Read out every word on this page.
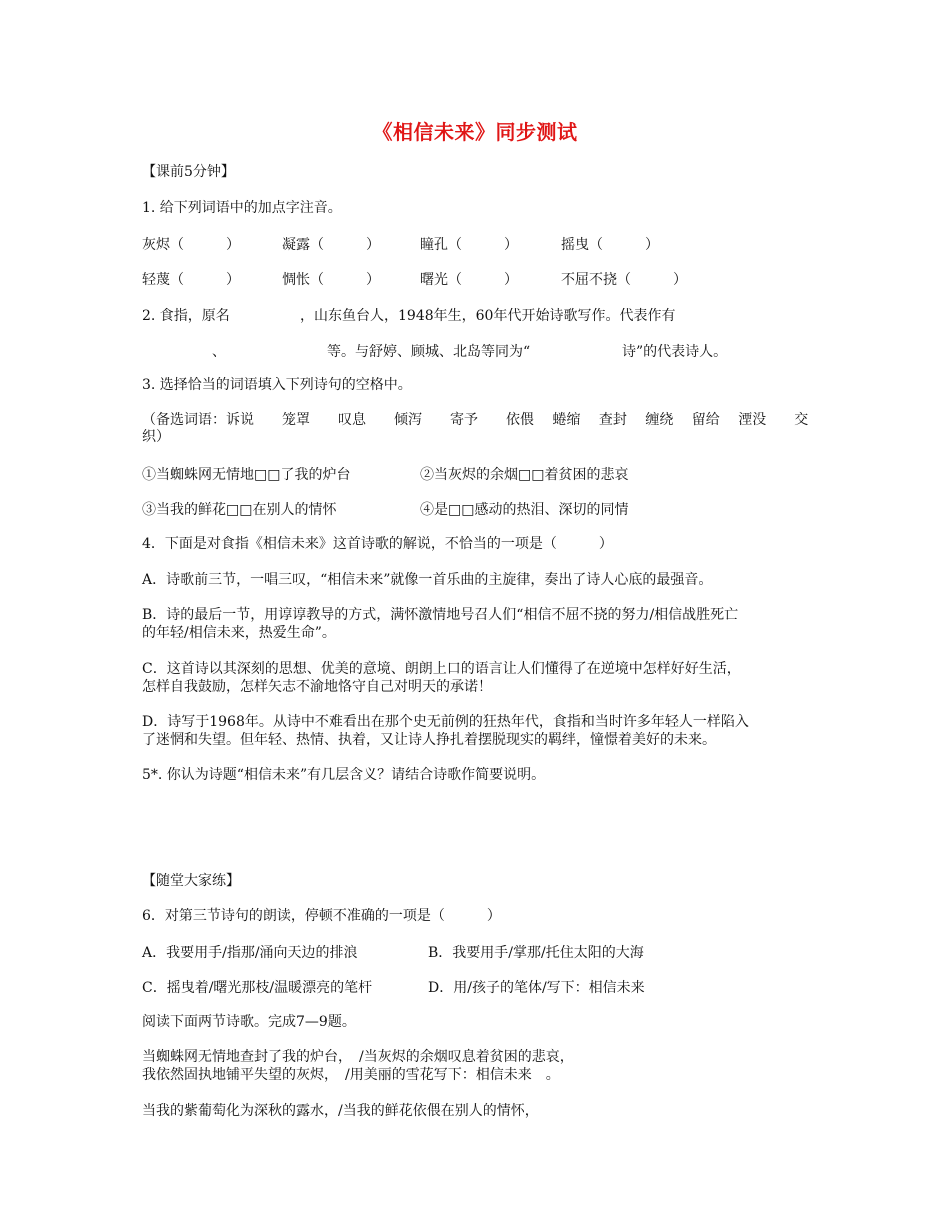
《相信未来》同步测试
【课前5分钟】
1. 给下列词语中的加点字注音。
灰烬（　　　）	凝露（　　　）	瞳孔（　　　）	摇曳（　　　）
轻蔑（　　　）	惆怅（　　　）	曙光（　　　）	不屈不挠（　　　）
2. 食指，原名	，山东鱼台人，1948年生，60年代开始诗歌写作。代表作有
、	等。与舒婷、顾城、北岛等同为“	诗”的代表诗人。
3. 选择恰当的词语填入下列诗句的空格中。
（备选词语：诉说　　笼罩　　叹息　　倾泻　　寄予　　依偎　 蜷缩　 查封　 缠绕　 留给　 湮没　　交
织）
①当蜘蛛网无情地□□了我的炉台	②当灰烬的余烟□□着贫困的悲哀
③当我的鲜花□□在别人的情怀	④是□□感动的热泪、深切的同情
4．下面是对食指《相信未来》这首诗歌的解说，不恰当的一项是（　　　）
A．诗歌前三节，一唱三叹，“相信未来”就像一首乐曲的主旋律，奏出了诗人心底的最强音。
B．诗的最后一节，用谆谆教导的方式，满怀激情地号召人们“相信不屈不挠的努力/相信战胜死亡
的年轻/相信未来，热爱生命”。
C．这首诗以其深刻的思想、优美的意境、朗朗上口的语言让人们懂得了在逆境中怎样好好生活，
怎样自我鼓励，怎样矢志不渝地恪守自己对明天的承诺！
D．诗写于1968年。从诗中不难看出在那个史无前例的狂热年代，食指和当时许多年轻人一样陷入
了迷惘和失望。但年轻、热情、执着，又让诗人挣扎着摆脱现实的羁绊，憧憬着美好的未来。
5*. 你认为诗题“相信未来”有几层含义？请结合诗歌作简要说明。
【随堂大家练】
6．对第三节诗句的朗读，停顿不准确的一项是（　　　）
A．我要用手/指那/涌向天边的排浪	B．我要用手/掌那/托住太阳的大海
C．摇曳着/曙光那枝/温暖漂亮的笔杆	D．用/孩子的笔体/写下：相信未来
阅读下面两节诗歌。完成7—9题。
当蜘蛛网无情地查封了我的炉台，　/当灰烬的余烟叹息着贫困的悲哀，
我依然固执地铺平失望的灰烬，　/用美丽的雪花写下：相信未来　。
当我的紫葡萄化为深秋的露水，/当我的鲜花依偎在别人的情怀，
